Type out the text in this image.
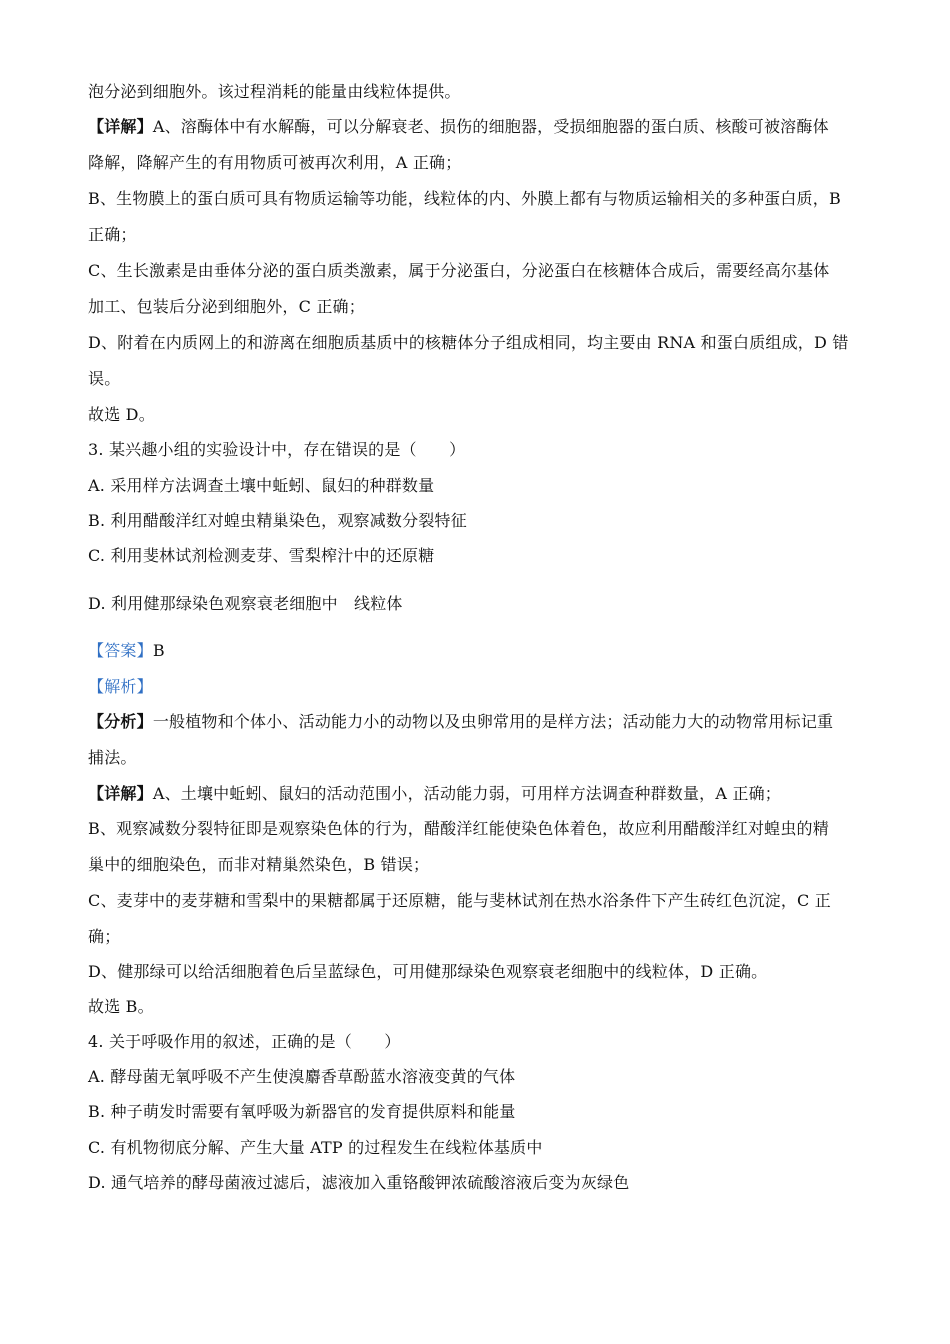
泡分泌到细胞外。该过程消耗的能量由线粒体提供。
【详解】A、溶酶体中有水解酶，可以分解衰老、损伤的细胞器，受损细胞器的蛋白质、核酸可被溶酶体
降解，降解产生的有用物质可被再次利用，A 正确；
B、生物膜上的蛋白质可具有物质运输等功能，线粒体的内、外膜上都有与物质运输相关的多种蛋白质，B
正确；
C、生长激素是由垂体分泌的蛋白质类激素，属于分泌蛋白，分泌蛋白在核糖体合成后，需要经高尔基体
加工、包装后分泌到细胞外，C 正确；
D、附着在内质网上的和游离在细胞质基质中的核糖体分子组成相同，均主要由 RNA 和蛋白质组成，D 错
误。
故选 D。
3. 某兴趣小组的实验设计中，存在错误的是（　　）
A. 采用样方法调查土壤中蚯蚓、鼠妇的种群数量
B. 利用醋酸洋红对蝗虫精巢染色，观察减数分裂特征
C. 利用斐林试剂检测麦芽、雪梨榨汁中的还原糖
D. 利用健那绿染色观察衰老细胞中　线粒体
【答案】B
【解析】
【分析】一般植物和个体小、活动能力小的动物以及虫卵常用的是样方法；活动能力大的动物常用标记重
捕法。
【详解】A、土壤中蚯蚓、鼠妇的活动范围小，活动能力弱，可用样方法调查种群数量，A 正确；
B、观察减数分裂特征即是观察染色体的行为，醋酸洋红能使染色体着色，故应利用醋酸洋红对蝗虫的精
巢中的细胞染色，而非对精巢然染色，B 错误；
C、麦芽中的麦芽糖和雪梨中的果糖都属于还原糖，能与斐林试剂在热水浴条件下产生砖红色沉淀，C 正
确；
D、健那绿可以给活细胞着色后呈蓝绿色，可用健那绿染色观察衰老细胞中的线粒体，D 正确。
故选 B。
4. 关于呼吸作用的叙述，正确的是（　　）
A. 酵母菌无氧呼吸不产生使溴麝香草酚蓝水溶液变黄的气体
B. 种子萌发时需要有氧呼吸为新器官的发育提供原料和能量
C. 有机物彻底分解、产生大量 ATP 的过程发生在线粒体基质中
D. 通气培养的酵母菌液过滤后，滤液加入重铬酸钾浓硫酸溶液后变为灰绿色
